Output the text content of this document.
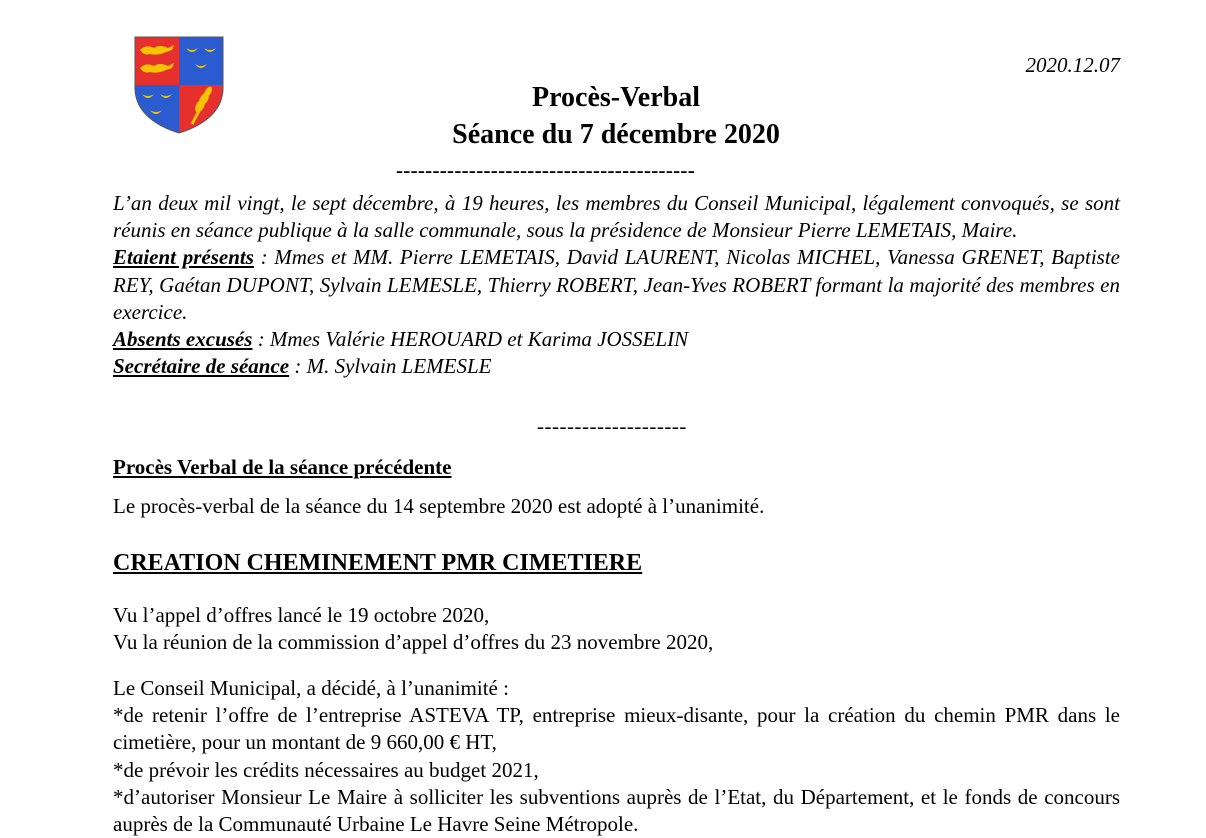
2020.12.07
Procès-Verbal
Séance du 7 décembre 2020
-----------------------------------------
L’an deux mil vingt, le sept décembre, à 19 heures, les membres du Conseil Municipal, légalement convoqués, se sont réunis en séance publique à la salle communale, sous la présidence de Monsieur Pierre LEMETAIS, Maire.
Etaient présents : Mmes et MM. Pierre LEMETAIS, David LAURENT, Nicolas MICHEL, Vanessa GRENET, Baptiste REY, Gaétan DUPONT, Sylvain LEMESLE, Thierry ROBERT, Jean-Yves ROBERT formant la majorité des membres en exercice.
Absents excusés : Mmes Valérie HEROUARD et Karima JOSSELIN
Secrétaire de séance : M. Sylvain LEMESLE
--------------------
Procès Verbal de la séance précédente
Le procès-verbal de la séance du 14 septembre 2020 est adopté à l’unanimité.
CREATION CHEMINEMENT PMR CIMETIERE
Vu l’appel d’offres lancé le 19 octobre 2020,
Vu la réunion de la commission d’appel d’offres du 23 novembre 2020,
Le Conseil Municipal, a décidé, à l’unanimité :
*de retenir l’offre de l’entreprise ASTEVA TP, entreprise mieux-disante, pour la création du chemin PMR dans le cimetière, pour un montant de 9 660,00 € HT,
*de prévoir les crédits nécessaires au budget 2021,
*d’autoriser Monsieur Le Maire à solliciter les subventions auprès de l’Etat, du Département, et le fonds de concours auprès de la Communauté Urbaine Le Havre Seine Métropole.
